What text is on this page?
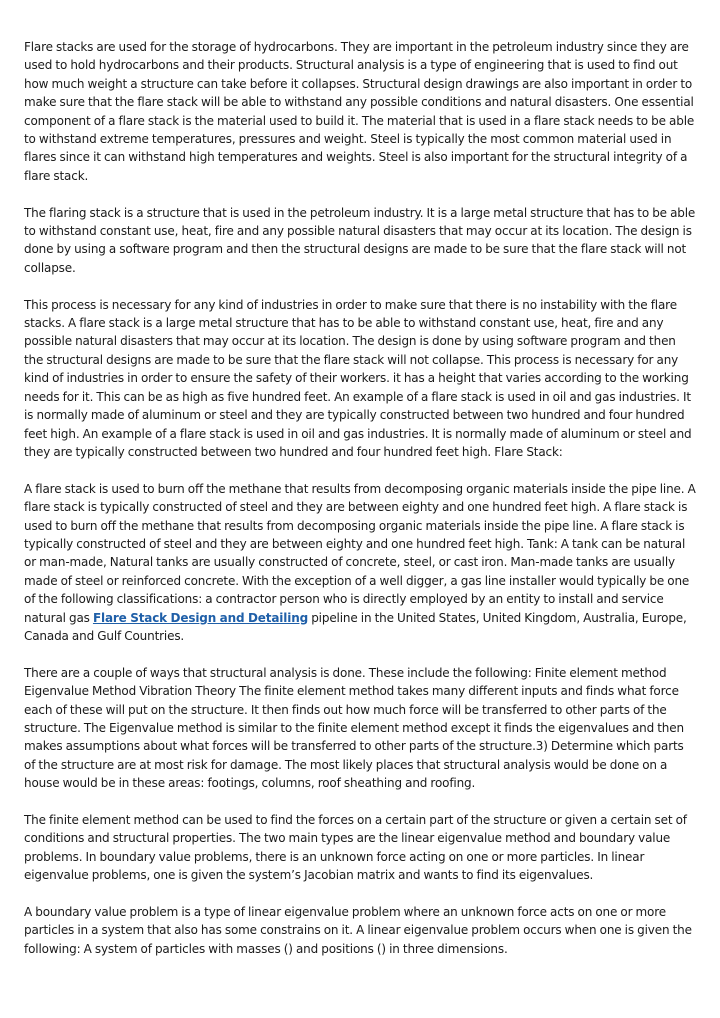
Flare stacks are used for the storage of hydrocarbons. They are important in the petroleum industry since they are used to hold hydrocarbons and their products. Structural analysis is a type of engineering that is used to find out how much weight a structure can take before it collapses. Structural design drawings are also important in order to make sure that the flare stack will be able to withstand any possible conditions and natural disasters. One essential component of a flare stack is the material used to build it. The material that is used in a flare stack needs to be able to withstand extreme temperatures, pressures and weight. Steel is typically the most common material used in flares since it can withstand high temperatures and weights. Steel is also important for the structural integrity of a flare stack.

The flaring stack is a structure that is used in the petroleum industry. It is a large metal structure that has to be able to withstand constant use, heat, fire and any possible natural disasters that may occur at its location. The design is done by using a software program and then the structural designs are made to be sure that the flare stack will not collapse.

This process is necessary for any kind of industries in order to make sure that there is no instability with the flare stacks. A flare stack is a large metal structure that has to be able to withstand constant use, heat, fire and any possible natural disasters that may occur at its location. The design is done by using software program and then the structural designs are made to be sure that the flare stack will not collapse. This process is necessary for any kind of industries in order to ensure the safety of their workers. it has a height that varies according to the working needs for it. This can be as high as five hundred feet. An example of a flare stack is used in oil and gas industries. It is normally made of aluminum or steel and they are typically constructed between two hundred and four hundred feet high. An example of a flare stack is used in oil and gas industries. It is normally made of aluminum or steel and they are typically constructed between two hundred and four hundred feet high. Flare Stack:

A flare stack is used to burn off the methane that results from decomposing organic materials inside the pipe line. A flare stack is typically constructed of steel and they are between eighty and one hundred feet high. A flare stack is used to burn off the methane that results from decomposing organic materials inside the pipe line. A flare stack is typically constructed of steel and they are between eighty and one hundred feet high. Tank: A tank can be natural or man-made, Natural tanks are usually constructed of concrete, steel, or cast iron. Man-made tanks are usually made of steel or reinforced concrete. With the exception of a well digger, a gas line installer would typically be one of the following classifications: a contractor person who is directly employed by an entity to install and service natural gas Flare Stack Design and Detailing pipeline in the United States, United Kingdom, Australia, Europe, Canada and Gulf Countries.

There are a couple of ways that structural analysis is done. These include the following: Finite element method Eigenvalue Method Vibration Theory The finite element method takes many different inputs and finds what force each of these will put on the structure. It then finds out how much force will be transferred to other parts of the structure. The Eigenvalue method is similar to the finite element method except it finds the eigenvalues and then makes assumptions about what forces will be transferred to other parts of the structure.3) Determine which parts of the structure are at most risk for damage. The most likely places that structural analysis would be done on a house would be in these areas: footings, columns, roof sheathing and roofing.

The finite element method can be used to find the forces on a certain part of the structure or given a certain set of conditions and structural properties. The two main types are the linear eigenvalue method and boundary value problems. In boundary value problems, there is an unknown force acting on one or more particles. In linear eigenvalue problems, one is given the system’s Jacobian matrix and wants to find its eigenvalues.

A boundary value problem is a type of linear eigenvalue problem where an unknown force acts on one or more particles in a system that also has some constrains on it. A linear eigenvalue problem occurs when one is given the following: A system of particles with masses () and positions () in three dimensions.
